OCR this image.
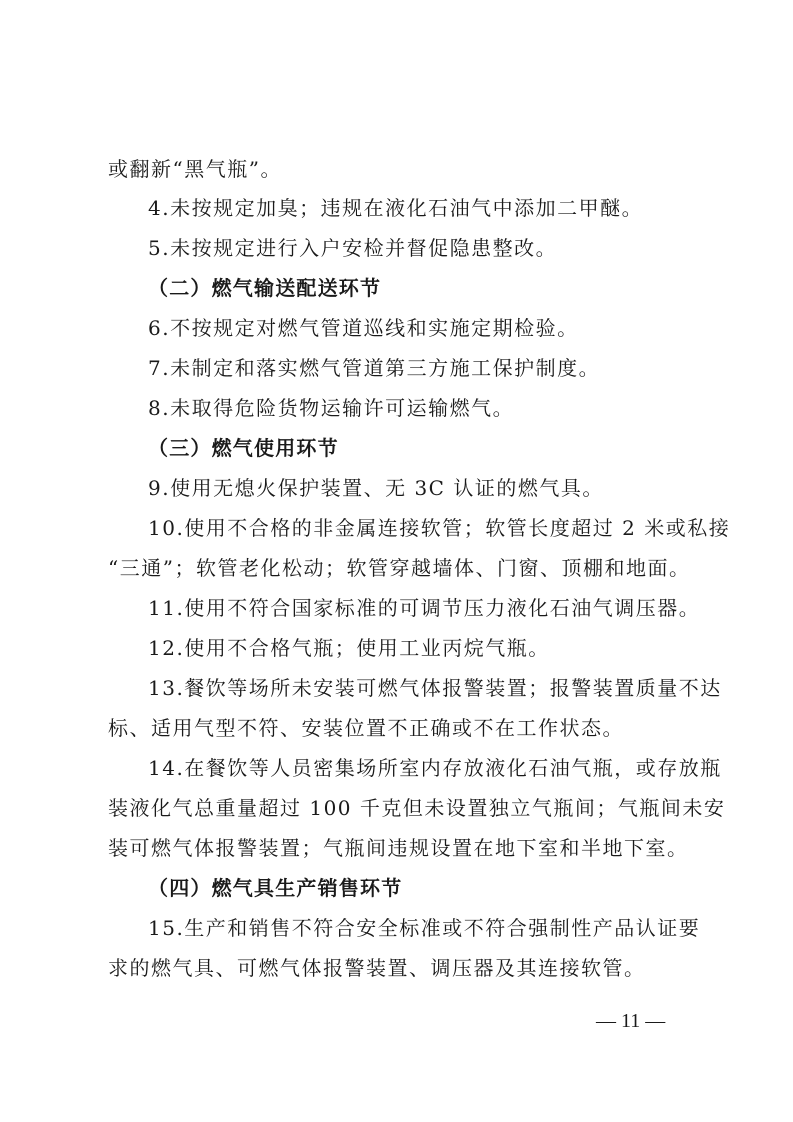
或翻新“黑气瓶”。
4.未按规定加臭；违规在液化石油气中添加二甲醚。
5.未按规定进行入户安检并督促隐患整改。
（二）燃气输送配送环节
6.不按规定对燃气管道巡线和实施定期检验。
7.未制定和落实燃气管道第三方施工保护制度。
8.未取得危险货物运输许可运输燃气。
（三）燃气使用环节
9.使用无熄火保护装置、无 3C 认证的燃气具。
10.使用不合格的非金属连接软管；软管长度超过 2 米或私接
“三通”；软管老化松动；软管穿越墙体、门窗、顶棚和地面。
11.使用不符合国家标准的可调节压力液化石油气调压器。
12.使用不合格气瓶；使用工业丙烷气瓶。
13.餐饮等场所未安装可燃气体报警装置；报警装置质量不达
标、适用气型不符、安装位置不正确或不在工作状态。
14.在餐饮等人员密集场所室内存放液化石油气瓶，或存放瓶
装液化气总重量超过 100 千克但未设置独立气瓶间；气瓶间未安
装可燃气体报警装置；气瓶间违规设置在地下室和半地下室。
（四）燃气具生产销售环节
15.生产和销售不符合安全标准或不符合强制性产品认证要
求的燃气具、可燃气体报警装置、调压器及其连接软管。
— 11 —
